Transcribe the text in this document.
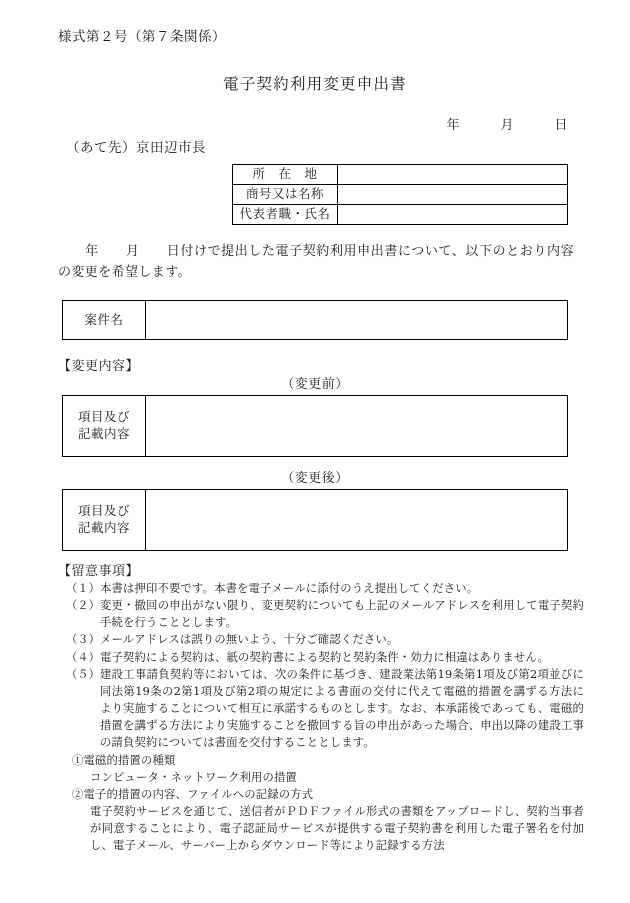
様式第２号（第７条関係）
電子契約利用変更申出書
年　　　月　　　日
（あて先）京田辺市長
所　在　地	
商号又は名称	
代表者職・氏名	
　　年　　月　　日付けで提出した電子契約利用申出書について、以下のとおり内容の変更を希望します。
案件名	
【変更内容】
（変更前）
項目及び
記載内容

（変更後）
項目及び
記載内容

【留意事項】
（１） 本書は押印不要です。本書を電子メールに添付のうえ提出してください。
（２） 変更・撤回の申出がない限り、変更契約についても上記のメールアドレスを利用して電子契約手続を行うこととします。
（３） メールアドレスは誤りの無いよう、十分ご確認ください。
（４） 電子契約による契約は、紙の契約書による契約と契約条件・効力に相違はありません。
（５） 建設工事請負契約等においては、次の条件に基づき、建設業法第19条第1項及び第2項並びに同法第19条の2第1項及び第2項の規定による書面の交付に代えて電磁的措置を講ずる方法により実施することについて相互に承諾するものとします。なお、本承諾後であっても、電磁的措置を講ずる方法により実施することを撤回する旨の申出があった場合、申出以降の建設工事の請負契約については書面を交付することとします。
①電磁的措置の種類
コンピュータ・ネットワーク利用の措置
②電子的措置の内容、ファイルへの記録の方式
電子契約サービスを通じて、送信者がＰＤＦファイル形式の書類をアップロードし、契約当事者が同意することにより、電子認証局サービスが提供する電子契約書を利用した電子署名を付加し、電子メール、サーバー上からダウンロード等により記録する方法
